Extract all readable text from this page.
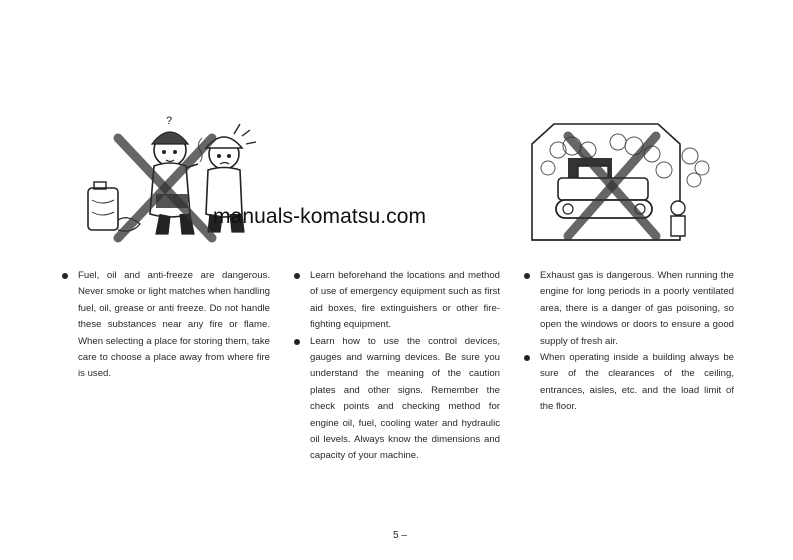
?
manuals-komatsu.com

Fuel, oil and anti-freeze are dangerous. Never smoke or light matches when handling fuel, oil, grease or anti freeze. Do not handle these substances near any fire or flame. When selecting a place for storing them, take care to choose a place away from where fire is used.

Learn beforehand the locations and method of use of emergency equipment such as first aid boxes, fire extinguishers or other fire-fighting equipment.

Learn how to use the control devices, gauges and warning devices. Be sure you understand the meaning of the caution plates and other signs. Remember the check points and checking method for engine oil, fuel, cooling water and hydraulic oil levels. Always know the dimensions and capacity of your machine.

Exhaust gas is dangerous. When running the engine for long periods in a poorly ventilated area, there is a danger of gas poisoning, so open the windows or doors to ensure a good supply of fresh air.

When operating inside a building always be sure of the clearances of the ceiling, entrances, aisles, etc. and the load limit of the floor.

5 –
